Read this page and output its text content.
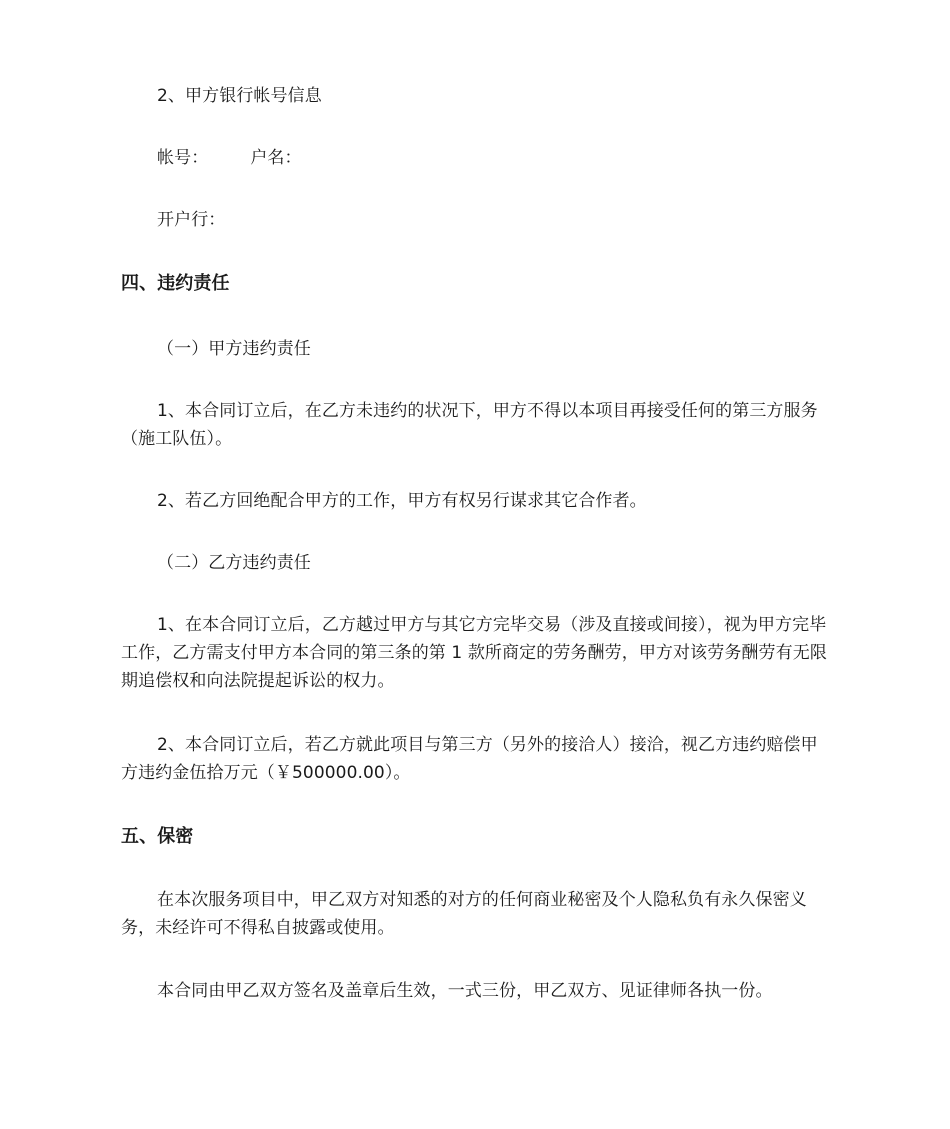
2、甲方银行帐号信息

帐号： 户名：

开户行：

四、违约责任

（一）甲方违约责任

1、本合同订立后，在乙方未违约的状况下，甲方不得以本项目再接受任何的第三方服务（施工队伍）。

2、若乙方回绝配合甲方的工作，甲方有权另行谋求其它合作者。

（二）乙方违约责任

1、在本合同订立后，乙方越过甲方与其它方完毕交易（涉及直接或间接），视为甲方完毕工作，乙方需支付甲方本合同的第三条的第 1 款所商定的劳务酬劳，甲方对该劳务酬劳有无限期追偿权和向法院提起诉讼的权力。

2、本合同订立后，若乙方就此项目与第三方（另外的接洽人）接洽，视乙方违约赔偿甲方违约金伍拾万元（￥500000.00）。

五、保密

在本次服务项目中，甲乙双方对知悉的对方的任何商业秘密及个人隐私负有永久保密义务，未经许可不得私自披露或使用。

本合同由甲乙双方签名及盖章后生效，一式三份，甲乙双方、见证律师各执一份。
